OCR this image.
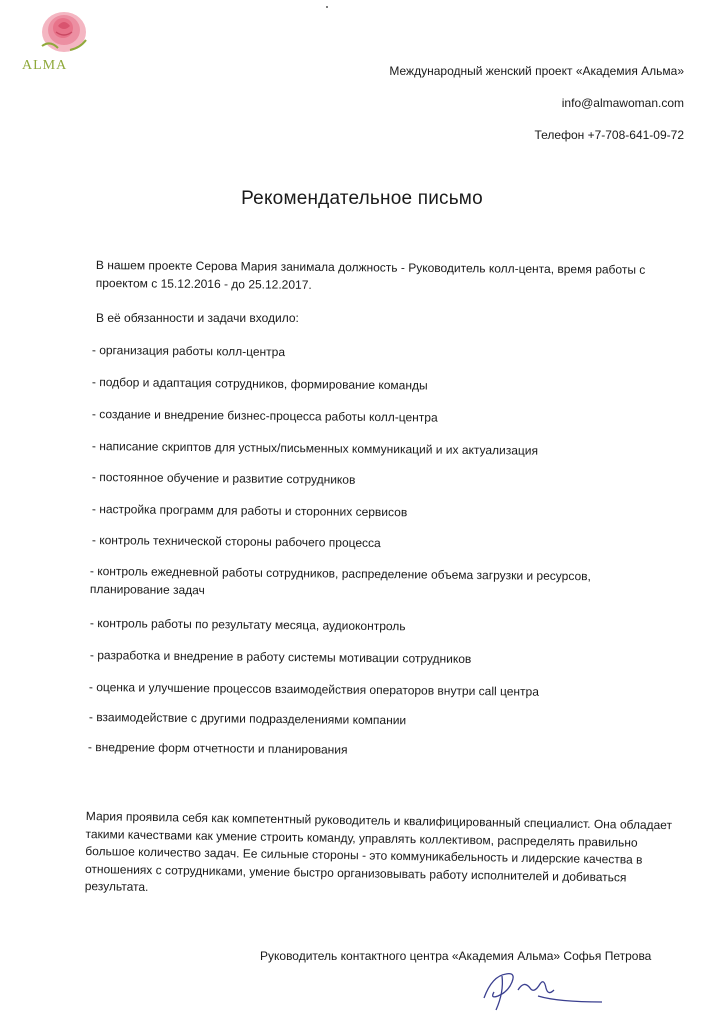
ALMA	Международный женский проект «Академия Альма»
info@almawoman.com
Телефон +7-708-641-09-72
Рекомендательное письмо
В нашем проекте Серова Мария занимала должность - Руководитель колл-цента, время работы с проектом с 15.12.2016 - до 25.12.2017.
В её обязанности и задачи входило:
- организация работы колл-центра
- подбор и адаптация сотрудников, формирование команды
- создание и внедрение бизнес-процесса работы колл-центра
- написание скриптов для устных/письменных коммуникаций и их актуализация
- постоянное обучение и развитие сотрудников
- настройка программ для работы и сторонних сервисов
- контроль технической стороны рабочего процесса
- контроль ежедневной работы сотрудников, распределение объема загрузки и ресурсов,
планирование задач
- контроль работы по результату месяца, аудиоконтроль
- разработка и внедрение в работу системы мотивации сотрудников
- оценка и улучшение процессов взаимодействия операторов внутри call центра
- взаимодействие с другими подразделениями компании
- внедрение форм отчетности и планирования
Мария проявила себя как компетентный руководитель и квалифицированный специалист. Она обладает такими качествами как умение строить команду, управлять коллективом, распределять правильно большое количество задач. Ее сильные стороны - это коммуникабельность и лидерские качества в отношениях с сотрудниками, умение быстро организовывать работу исполнителей и добиваться результата.
Руководитель контактного центра «Академия Альма» Софья Петрова
